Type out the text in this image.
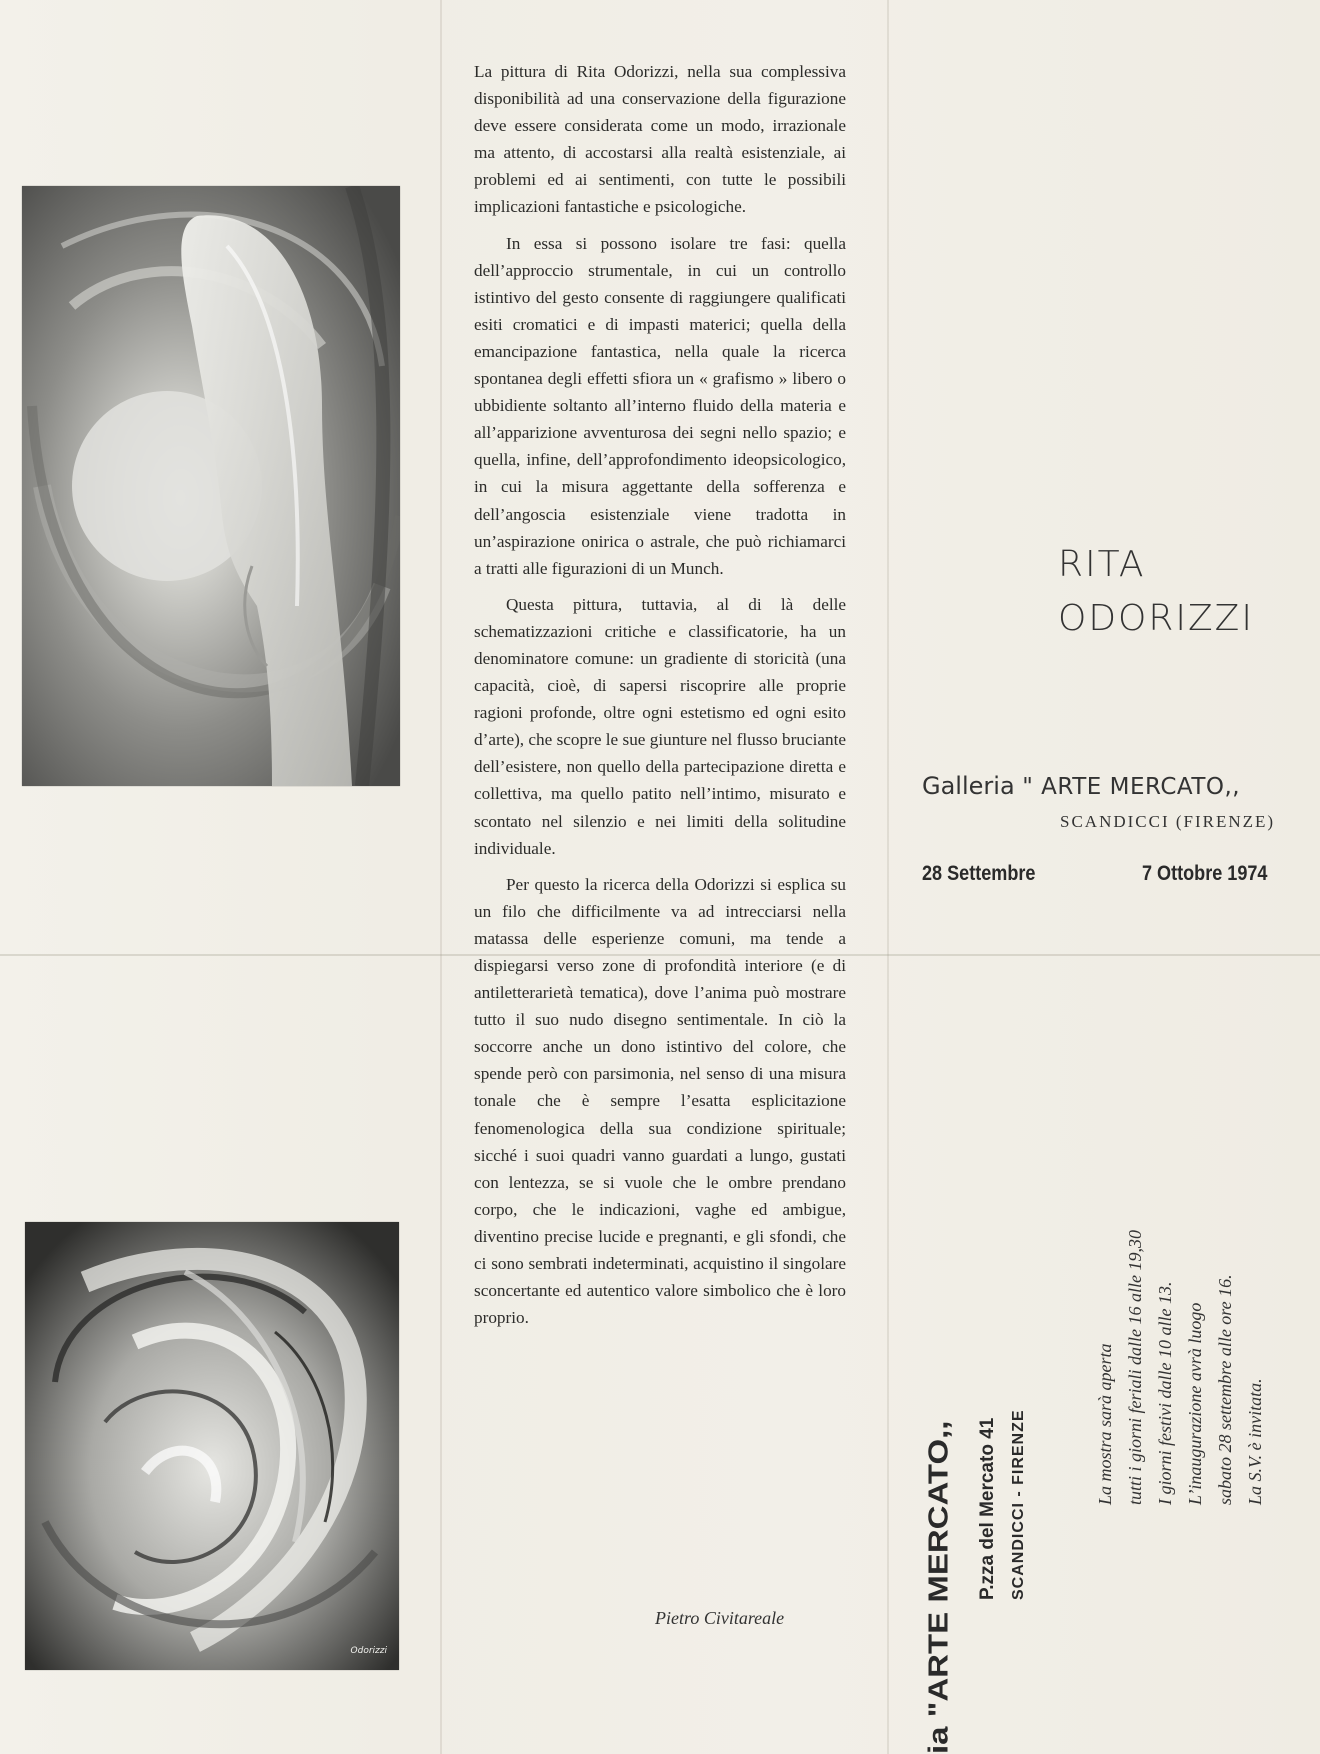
Odorizzi

La pittura di Rita Odorizzi, nella sua complessiva disponibilità ad una conservazione della figurazione deve essere considerata come un modo, irrazionale ma attento, di accostarsi alla realtà esistenziale, ai problemi ed ai sentimenti, con tutte le possibili implicazioni fantastiche e psicologiche.

In essa si possono isolare tre fasi: quella dell’approccio strumentale, in cui un controllo istintivo del gesto consente di raggiungere qualificati esiti cromatici e di impasti materici; quella della emancipazione fantastica, nella quale la ricerca spontanea degli effetti sfiora un « grafismo » libero o ubbidiente soltanto all’interno fluido della materia e all’apparizione avventurosa dei segni nello spazio; e quella, infine, dell’approfondimento ideopsicologico, in cui la misura aggettante della sofferenza e dell’angoscia esistenziale viene tradotta in un’aspirazione onirica o astrale, che può richiamarci a tratti alle figurazioni di un Munch.

Questa pittura, tuttavia, al di là delle schematizzazioni critiche e classificatorie, ha un denominatore comune: un gradiente di storicità (una capacità, cioè, di sapersi riscoprire alle proprie ragioni profonde, oltre ogni estetismo ed ogni esito d’arte), che scopre le sue giunture nel flusso bruciante dell’esistere, non quello della partecipazione diretta e collettiva, ma quello patito nell’intimo, misurato e scontato nel silenzio e nei limiti della solitudine individuale.

Per questo la ricerca della Odorizzi si esplica su un filo che difficilmente va ad intrecciarsi nella matassa delle esperienze comuni, ma tende a dispiegarsi verso zone di profondità interiore (e di antiletterarietà tematica), dove l’anima può mostrare tutto il suo nudo disegno sentimentale. In ciò la soccorre anche un dono istintivo del colore, che spende però con parsimonia, nel senso di una misura tonale che è sempre l’esatta esplicitazione fenomenologica della sua condizione spirituale; sicché i suoi quadri vanno guardati a lungo, gustati con lentezza, se si vuole che le ombre prendano corpo, che le indicazioni, vaghe ed ambigue, diventino precise lucide e pregnanti, e gli sfondi, che ci sono sembrati indeterminati, acquistino il singolare sconcertante ed autentico valore simbolico che è loro proprio.

Pietro Civitareale
RITA
ODORIZZI
Galleria " ARTE MERCATO,,
SCANDICCI (FIRENZE)
28 Settembre	7 Ottobre 1974
ia "ARTE MERCATO,, P.zza del Mercato 41 SCANDICCI - FIRENZE	La mostra sarà aperta tutti i giorni feriali dalle 16 alle 19,30 I giorni festivi dalle 10 alle 13. L’inaugurazione avrà luogo sabato 28 settembre alle ore 16. La S.V. è invitata.
